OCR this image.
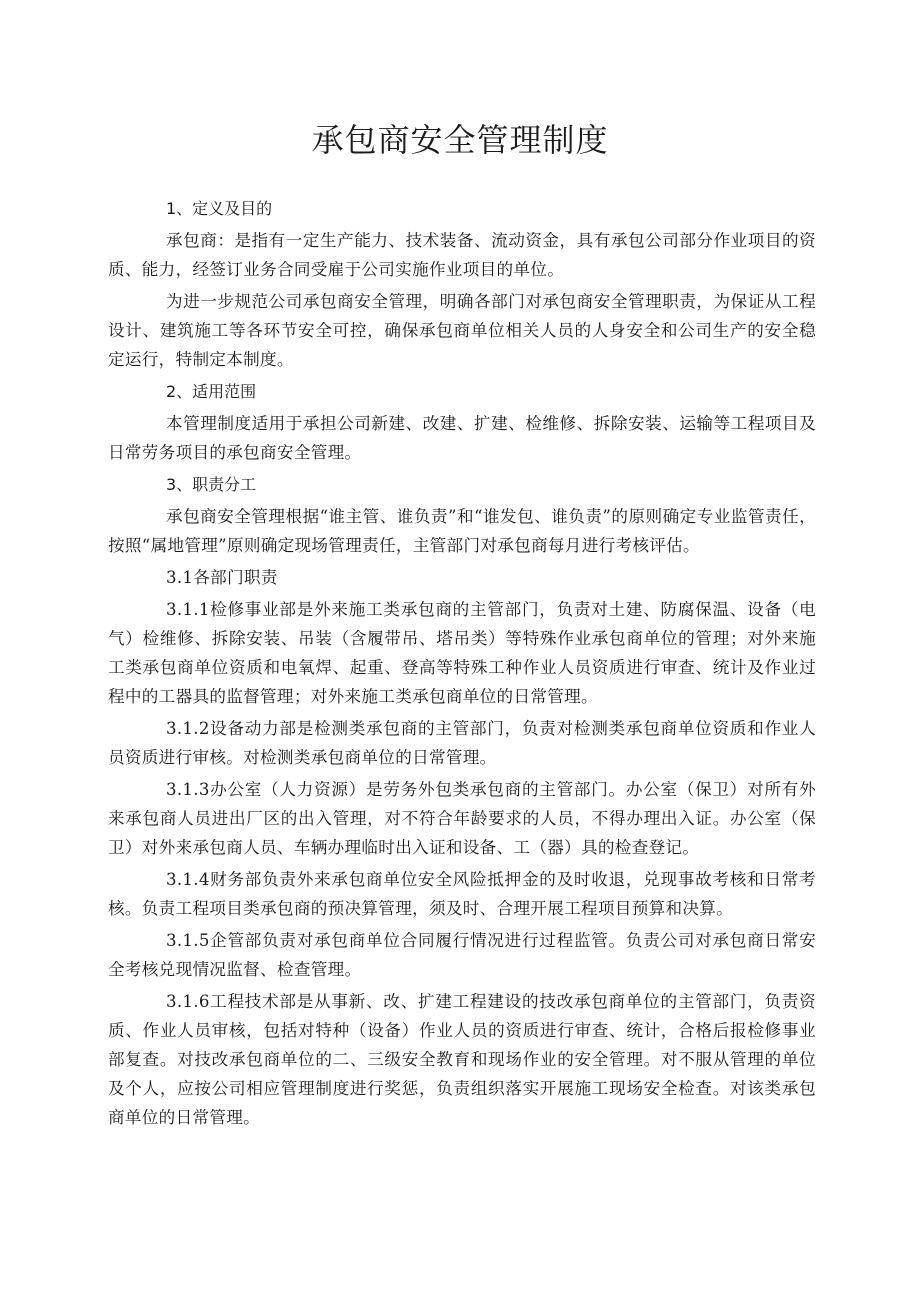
承包商安全管理制度
1、定义及目的

承包商：是指有一定生产能力、技术装备、流动资金，具有承包公司部分作业项目的资质、能力，经签订业务合同受雇于公司实施作业项目的单位。

为进一步规范公司承包商安全管理，明确各部门对承包商安全管理职责，为保证从工程设计、建筑施工等各环节安全可控，确保承包商单位相关人员的人身安全和公司生产的安全稳定运行，特制定本制度。

2、适用范围

本管理制度适用于承担公司新建、改建、扩建、检维修、拆除安装、运输等工程项目及日常劳务项目的承包商安全管理。

3、职责分工

承包商安全管理根据“谁主管、谁负责”和“谁发包、谁负责”的原则确定专业监管责任，按照“属地管理”原则确定现场管理责任，主管部门对承包商每月进行考核评估。

3.1各部门职责

3.1.1检修事业部是外来施工类承包商的主管部门，负责对土建、防腐保温、设备（电气）检维修、拆除安装、吊装（含履带吊、塔吊类）等特殊作业承包商单位的管理；对外来施工类承包商单位资质和电氧焊、起重、登高等特殊工种作业人员资质进行审查、统计及作业过程中的工器具的监督管理；对外来施工类承包商单位的日常管理。

3.1.2设备动力部是检测类承包商的主管部门，负责对检测类承包商单位资质和作业人员资质进行审核。对检测类承包商单位的日常管理。

3.1.3办公室（人力资源）是劳务外包类承包商的主管部门。办公室（保卫）对所有外来承包商人员进出厂区的出入管理，对不符合年龄要求的人员，不得办理出入证。办公室（保卫）对外来承包商人员、车辆办理临时出入证和设备、工（器）具的检查登记。

3.1.4财务部负责外来承包商单位安全风险抵押金的及时收退，兑现事故考核和日常考核。负责工程项目类承包商的预决算管理，须及时、合理开展工程项目预算和决算。

3.1.5企管部负责对承包商单位合同履行情况进行过程监管。负责公司对承包商日常安全考核兑现情况监督、检查管理。

3.1.6工程技术部是从事新、改、扩建工程建设的技改承包商单位的主管部门，负责资质、作业人员审核，包括对特种（设备）作业人员的资质进行审查、统计，合格后报检修事业部复查。对技改承包商单位的二、三级安全教育和现场作业的安全管理。对不服从管理的单位及个人，应按公司相应管理制度进行奖惩，负责组织落实开展施工现场安全检查。对该类承包商单位的日常管理。
